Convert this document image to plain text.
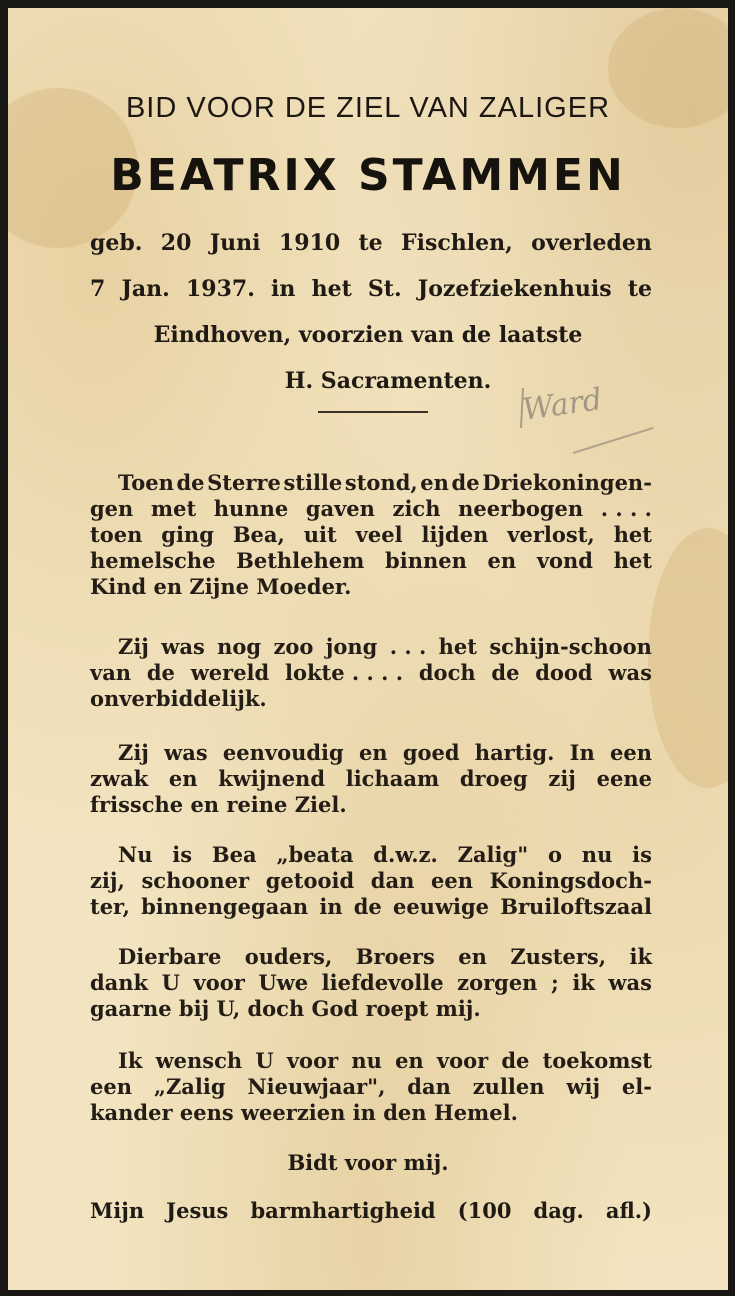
BID VOOR DE ZIEL VAN ZALIGER
BEATRIX STAMMEN
geb. 20 Juni 1910 te Fischlen, overleden
7 Jan. 1937. in het St. Jozefziekenhuis te
Eindhoven, voorzien van de laatste
H. Sacramenten.
Ward
Toen de Sterre stille stond, en de Driekoningen-
gen met hunne gaven zich neerbogen . . . .
toen ging Bea, uit veel lijden verlost, het
hemelsche Bethlehem binnen en vond het
Kind en Zijne Moeder.
Zij was nog zoo jong . . . het schijn-schoon
van de wereld lokte . . . . doch de dood was
onverbiddelijk.
Zij was eenvoudig en goed hartig. In een
zwak en kwijnend lichaam droeg zij eene
frissche en reine Ziel.
Nu is Bea „beata d.w.z. Zalig" o nu is
zij, schooner getooid dan een Koningsdoch-
ter, binnengegaan in de eeuwige Bruiloftszaal
Dierbare ouders, Broers en Zusters, ik
dank U voor Uwe liefdevolle zorgen ; ik was
gaarne bij U, doch God roept mij.
Ik wensch U voor nu en voor de toekomst
een „Zalig Nieuwjaar", dan zullen wij el-
kander eens weerzien in den Hemel.
Bidt voor mij.
Mijn Jesus barmhartigheid (100 dag. afl.)
